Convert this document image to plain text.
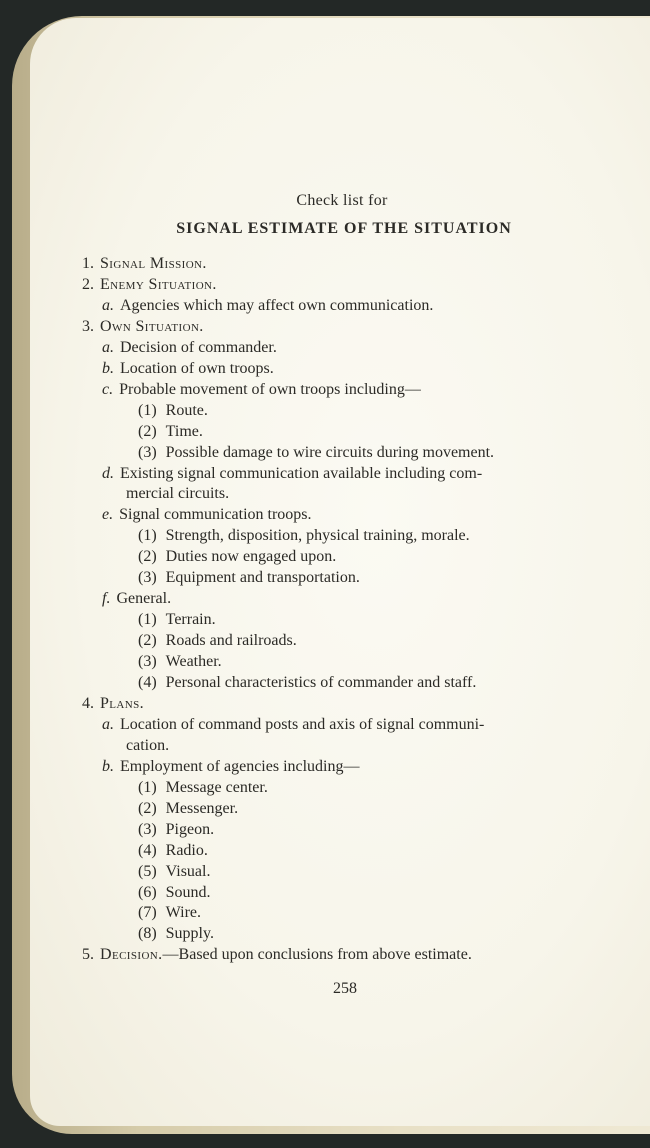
Check list for
SIGNAL ESTIMATE OF THE SITUATION
1. Signal Mission.
2. Enemy Situation.
a. Agencies which may affect own communication.
3. Own Situation.
a. Decision of commander.
b. Location of own troops.
c. Probable movement of own troops including—
(1) Route.
(2) Time.
(3) Possible damage to wire circuits during movement.
d. Existing signal communication available including com-
mercial circuits.
e. Signal communication troops.
(1) Strength, disposition, physical training, morale.
(2) Duties now engaged upon.
(3) Equipment and transportation.
f. General.
(1) Terrain.
(2) Roads and railroads.
(3) Weather.
(4) Personal characteristics of commander and staff.
4. Plans.
a. Location of command posts and axis of signal communi-
cation.
b. Employment of agencies including—
(1) Message center.
(2) Messenger.
(3) Pigeon.
(4) Radio.
(5) Visual.
(6) Sound.
(7) Wire.
(8) Supply.
5. Decision.—Based upon conclusions from above estimate.
258
